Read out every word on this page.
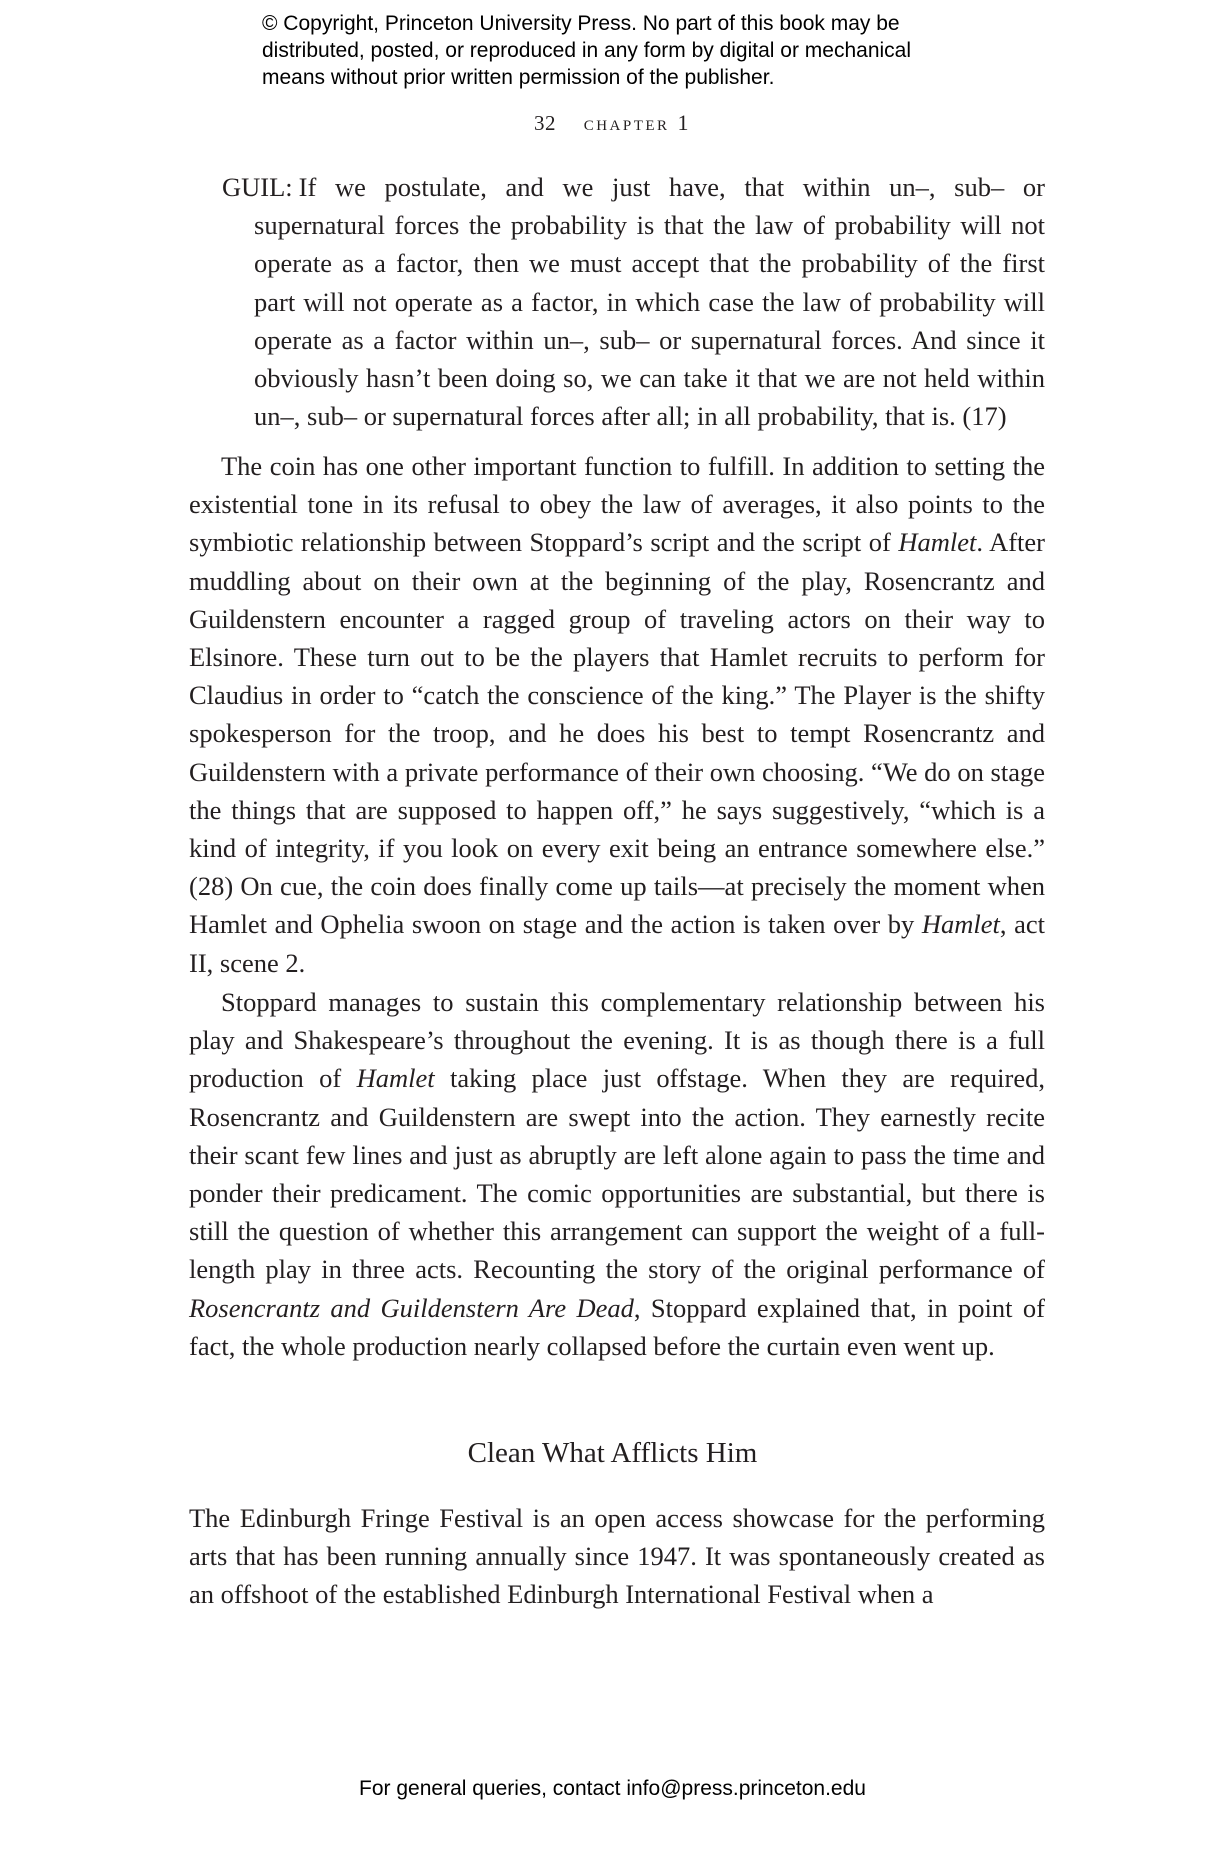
© Copyright, Princeton University Press. No part of this book may be
distributed, posted, or reproduced in any form by digital or mechanical
means without prior written permission of the publisher.
32 chapter 1
GUIL: If we postulate, and we just have, that within un–, sub– or supernatural forces the probability is that the law of probability will not operate as a factor, then we must accept that the probability of the first part will not operate as a factor, in which case the law of probability will operate as a factor within un–, sub– or supernatural forces. And since it obviously hasn’t been doing so, we can take it that we are not held within un–, sub– or supernatural forces after all; in all probability, that is. (17)

The coin has one other important function to fulfill. In addition to setting the existential tone in its refusal to obey the law of averages, it also points to the symbiotic relationship between Stoppard’s script and the script of Hamlet. After muddling about on their own at the beginning of the play, Rosencrantz and Guildenstern encounter a ragged group of traveling actors on their way to Elsinore. These turn out to be the players that Hamlet recruits to perform for Claudius in order to “catch the conscience of the king.” The Player is the shifty spokesperson for the troop, and he does his best to tempt Rosencrantz and Guildenstern with a private performance of their own choosing. “We do on stage the things that are supposed to happen off,” he says suggestively, “which is a kind of integrity, if you look on every exit being an entrance somewhere else.” (28) On cue, the coin does finally come up tails—at precisely the moment when Hamlet and Ophelia swoon on stage and the action is taken over by Hamlet, act II, scene 2.

Stoppard manages to sustain this complementary relationship between his play and Shakespeare’s throughout the evening. It is as though there is a full production of Hamlet taking place just offstage. When they are required, Rosencrantz and Guildenstern are swept into the action. They earnestly recite their scant few lines and just as abruptly are left alone again to pass the time and ponder their predicament. The comic opportunities are substantial, but there is still the question of whether this arrangement can support the weight of a full-length play in three acts. Recounting the story of the original performance of Rosencrantz and Guildenstern Are Dead, Stoppard explained that, in point of fact, the whole production nearly collapsed before the curtain even went up.

Clean What Afflicts Him

The Edinburgh Fringe Festival is an open access showcase for the performing arts that has been running annually since 1947. It was spontaneously created as an offshoot of the established Edinburgh International Festival when a

For general queries, contact info@press.princeton.edu
